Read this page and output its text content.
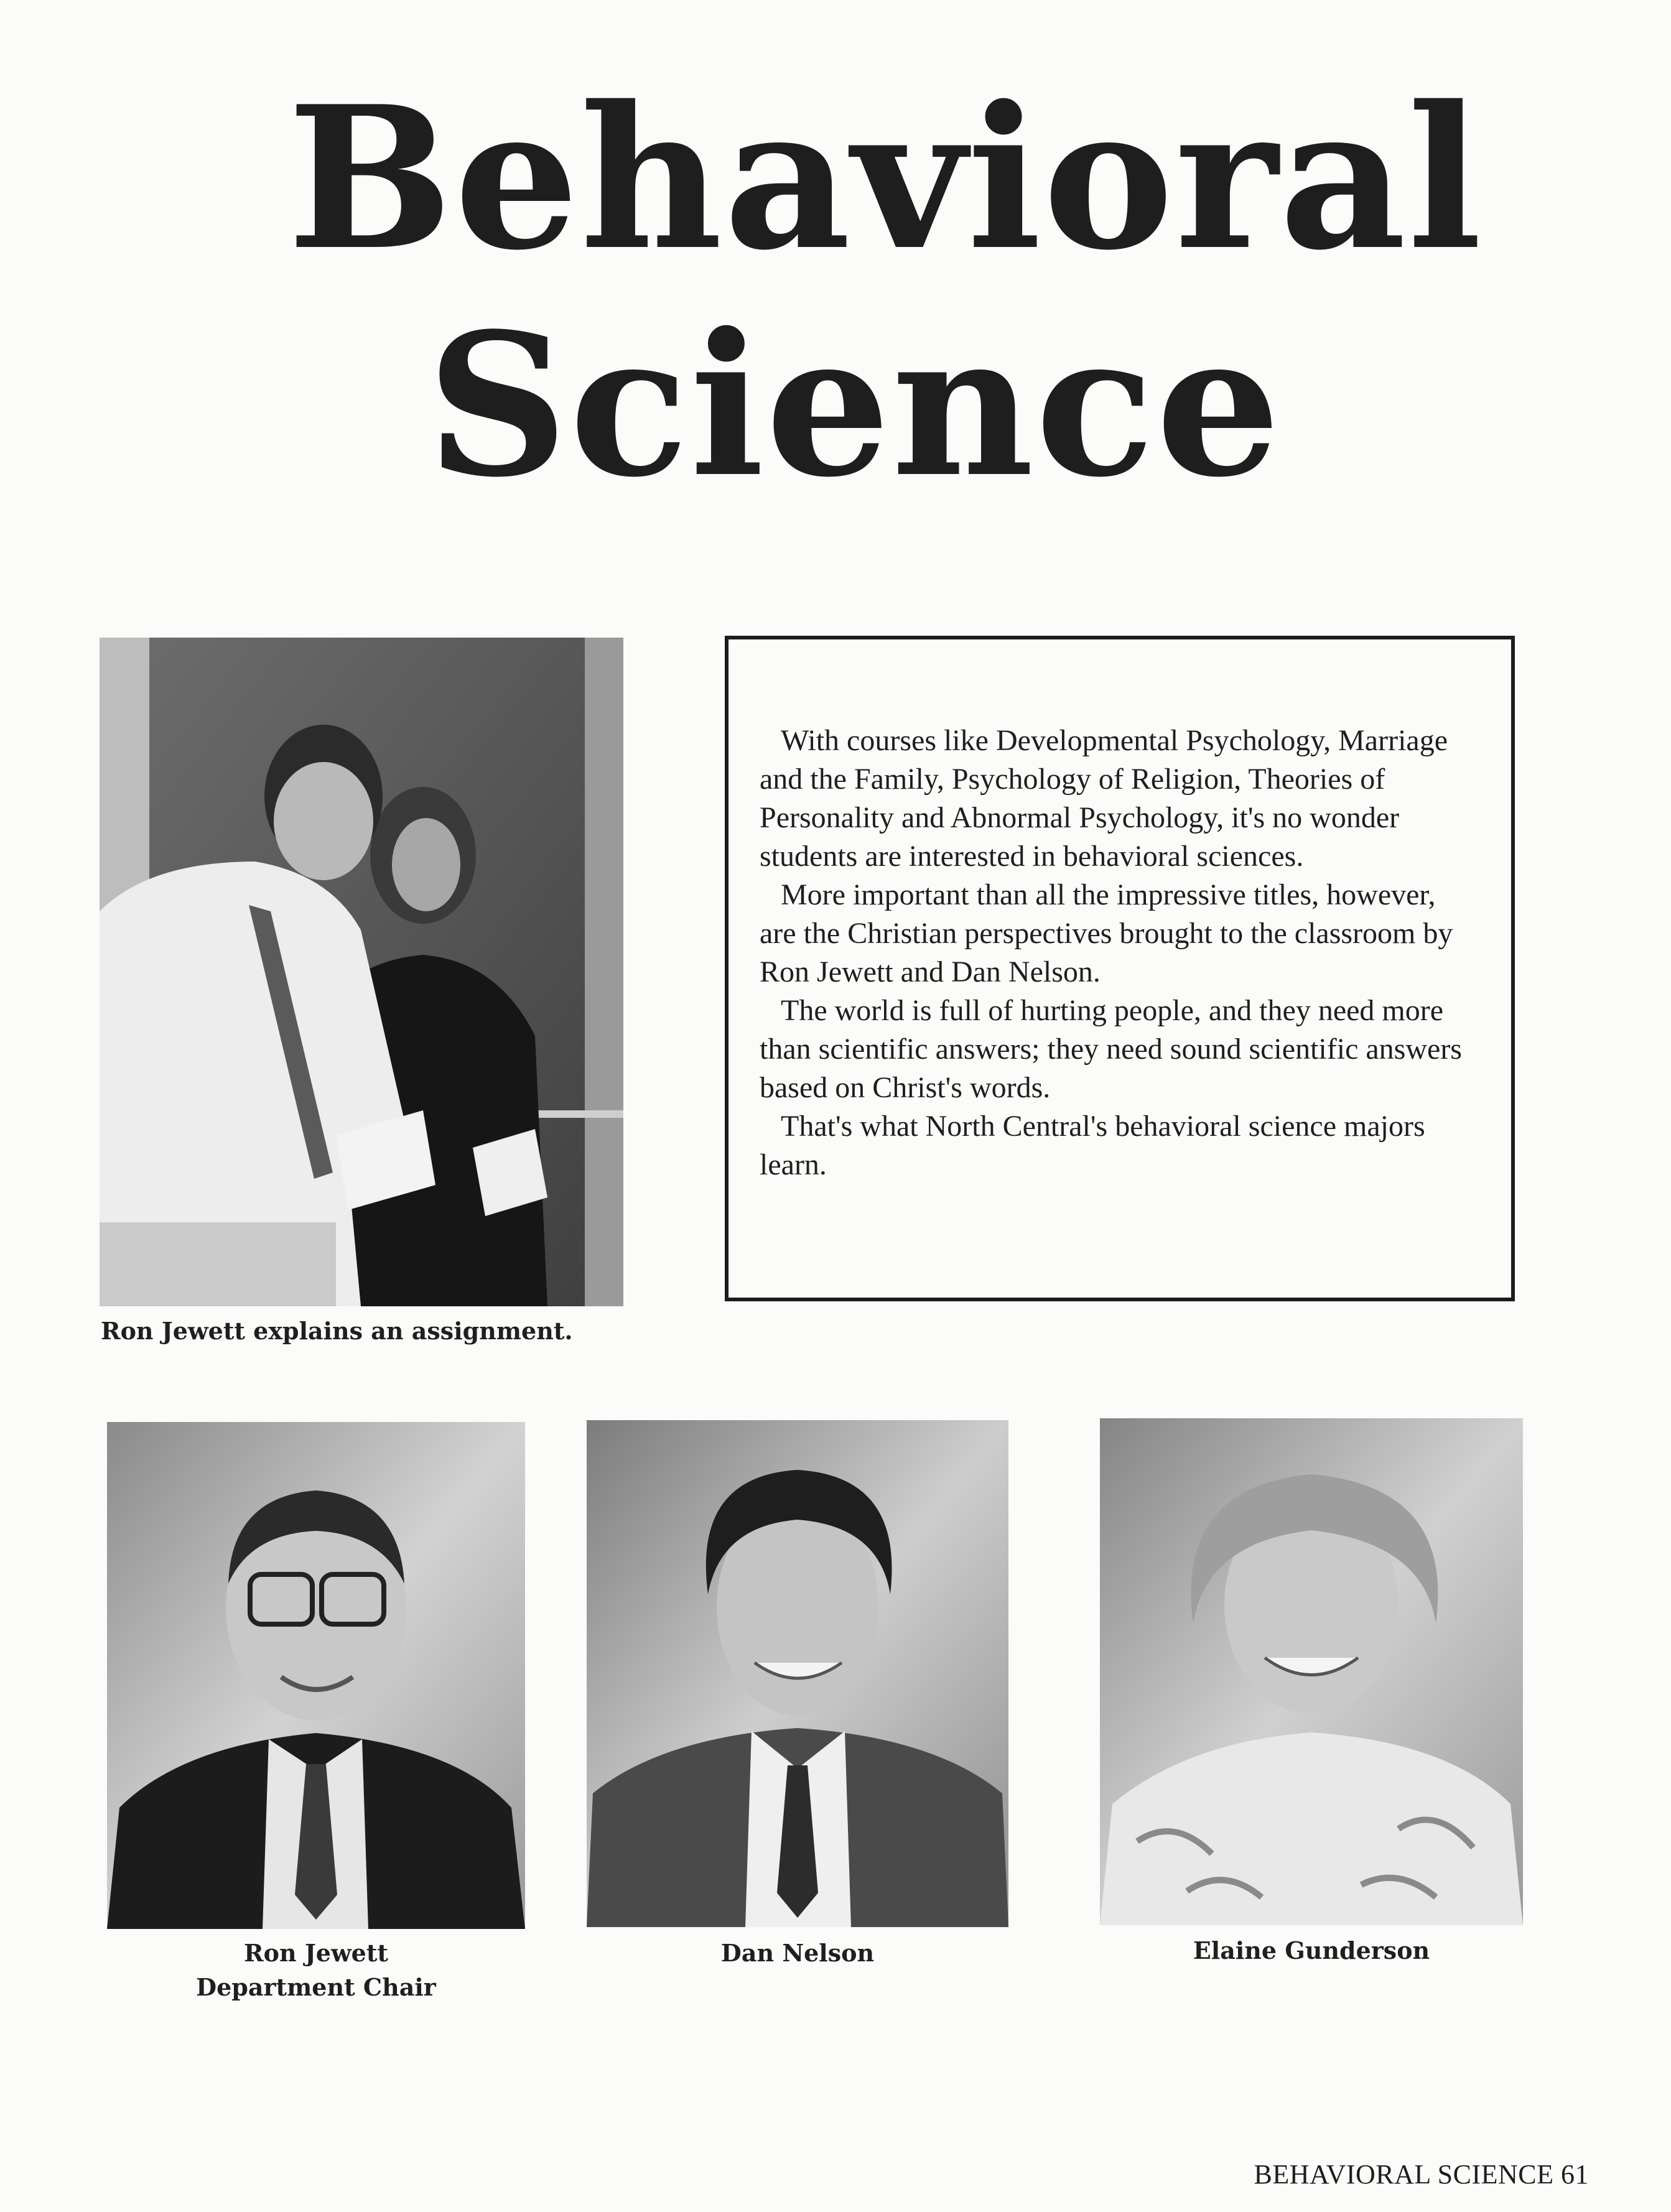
Behavioral
Science
Ron Jewett explains an assignment.

With courses like Developmental Psychology, Marriage and the Family, Psychology of Religion, Theories of Personality and Abnormal Psychology, it's no wonder students are interested in behavioral sciences.

More important than all the impressive titles, however, are the Christian perspectives brought to the classroom by Ron Jewett and Dan Nelson.

The world is full of hurting people, and they need more than scientific answers; they need sound scientific answers based on Christ's words.

That's what North Central's behavioral science majors learn.

Ron Jewett
Department Chair
Dan Nelson	Elaine Gunderson
BEHAVIORAL SCIENCE 61
